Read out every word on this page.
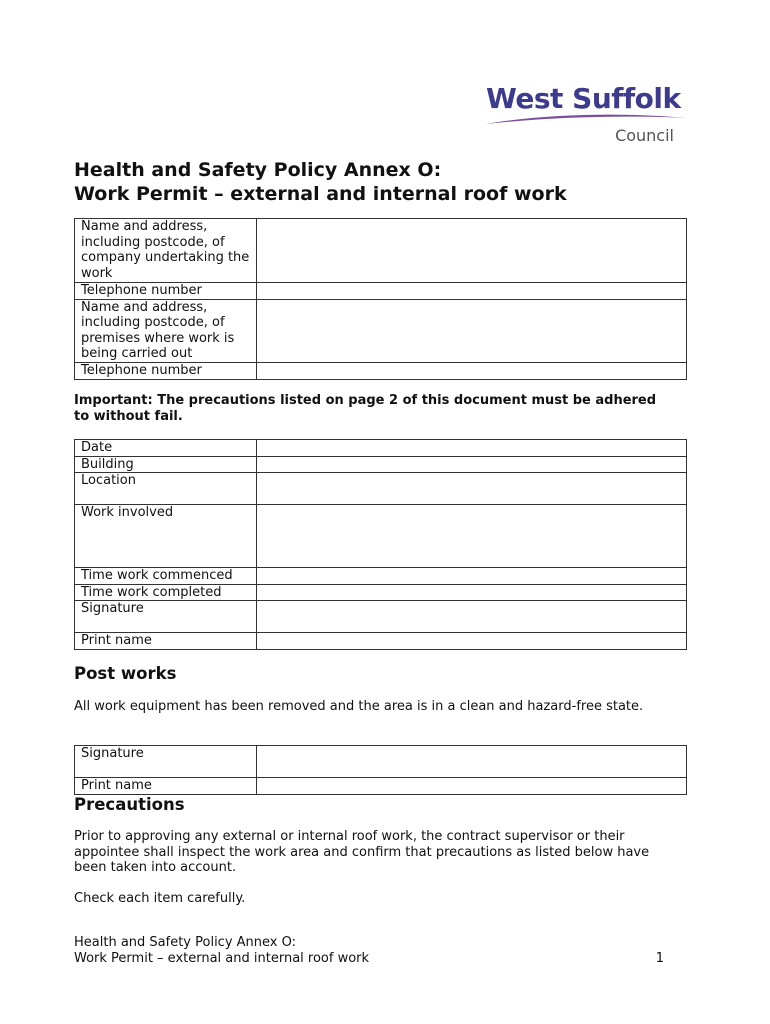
West Suffolk
Council
Health and Safety Policy Annex O:
Work Permit – external and internal roof work
Name and address, including postcode, of company undertaking the work	
Telephone number	
Name and address, including postcode, of premises where work is being carried out	
Telephone number	

Important: The precautions listed on page 2 of this document must be adhered to without fail.

Date	
Building	
Location	
Work involved	
Time work commenced	
Time work completed	
Signature	
Print name	
Post works

All work equipment has been removed and the area is in a clean and hazard-free state.

Signature	
Print name	
Precautions

Prior to approving any external or internal roof work, the contract supervisor or their appointee shall inspect the work area and confirm that precautions as listed below have been taken into account.

Check each item carefully.

Health and Safety Policy Annex O:
Work Permit – external and internal roof work	1
